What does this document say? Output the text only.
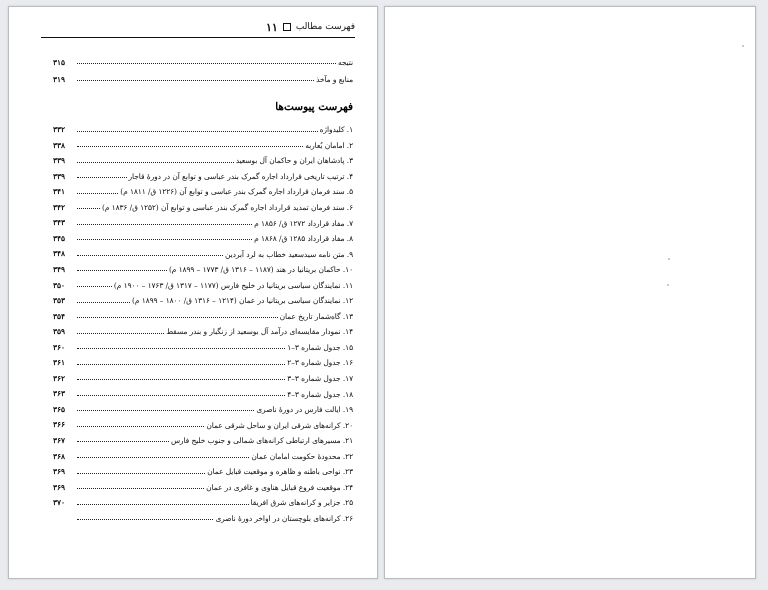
فهرست مطالب
۱۱
نتیجه
۳۱۵
منابع و مآخذ
۳۱۹
فهرست پیوست‌ها
۱. کلیدواژه
۳۳۲
۲. امامان یُعاربه
۳۳۸
۳. پادشاهان ایران و حاکمان آل بوسعید
۳۳۹
۴. ترتیب تاریخی قرارداد اجاره گمرک بندر عباسی و توابع آن در دورهٔ قاجار
۳۳۹
۵. سند فرمان قرارداد اجاره گمرک بندر عباسی و توابع آن (۱۲۲۶ ق/ ۱۸۱۱ م)
۳۴۱
۶. سند فرمان تمدید قرارداد اجاره گمرک بندر عباسی و توابع آن (۱۲۵۲ ق/ ۱۸۳۶ م)
۳۴۲
۷. مفاد قرارداد ۱۲۷۲ ق/ ۱۸۵۶ م
۳۴۳
۸. مفاد قرارداد ۱۲۸۵ ق/ ۱۸۶۸ م
۳۴۵
۹. متن نامه سیدسعید خطاب به لرد آبردین
۳۴۸
۱۰. حاکمان بریتانیا در هند (۱۱۸۷ – ۱۳۱۶ ق/ ۱۷۷۳ – ۱۸۹۹ م)
۳۴۹
۱۱. نمایندگان سیاسی بریتانیا در خلیج فارس (۱۱۷۷ – ۱۳۱۷ ق/ ۱۷۶۳ – ۱۹۰۰ م)
۳۵۰
۱۲. نمایندگان سیاسی بریتانیا در عمان (۱۲۱۴ – ۱۳۱۶ ق/ ۱۸۰۰ – ۱۸۹۹ م)
۳۵۳
۱۳. گاه‌شمار تاریخ عمان
۳۵۴
۱۴. نمودار مقایسه‌ای درآمد آل بوسعید از زنگبار و بندر مسقط
۳۵۹
۱۵. جدول شماره ۳–۱
۳۶۰
۱۶. جدول شماره ۳–۲
۳۶۱
۱۷. جدول شماره ۳–۳
۳۶۲
۱۸. جدول شماره ۳–۴
۳۶۳
۱۹. ایالت فارس در دورهٔ ناصری
۳۶۵
۲۰. کرانه‌های شرقی ایران و ساحل شرقی عمان
۳۶۶
۲۱. مسیرهای ارتباطی کرانه‌های شمالی و جنوب خلیج فارس
۳۶۷
۲۲. محدودهٔ حکومت امامان عمان
۳۶۸
۲۳. نواحی باطنه و ظاهره و موقعیت قبایل عمان
۳۶۹
۲۴. موقعیت فروع قبایل هناوی و غافری در عمان
۳۶۹
۲۵. جزایر و کرانه‌های شرق افریقا
۳۷۰
۲۶. کرانه‌های بلوچستان در اواخر دورهٔ ناصری
